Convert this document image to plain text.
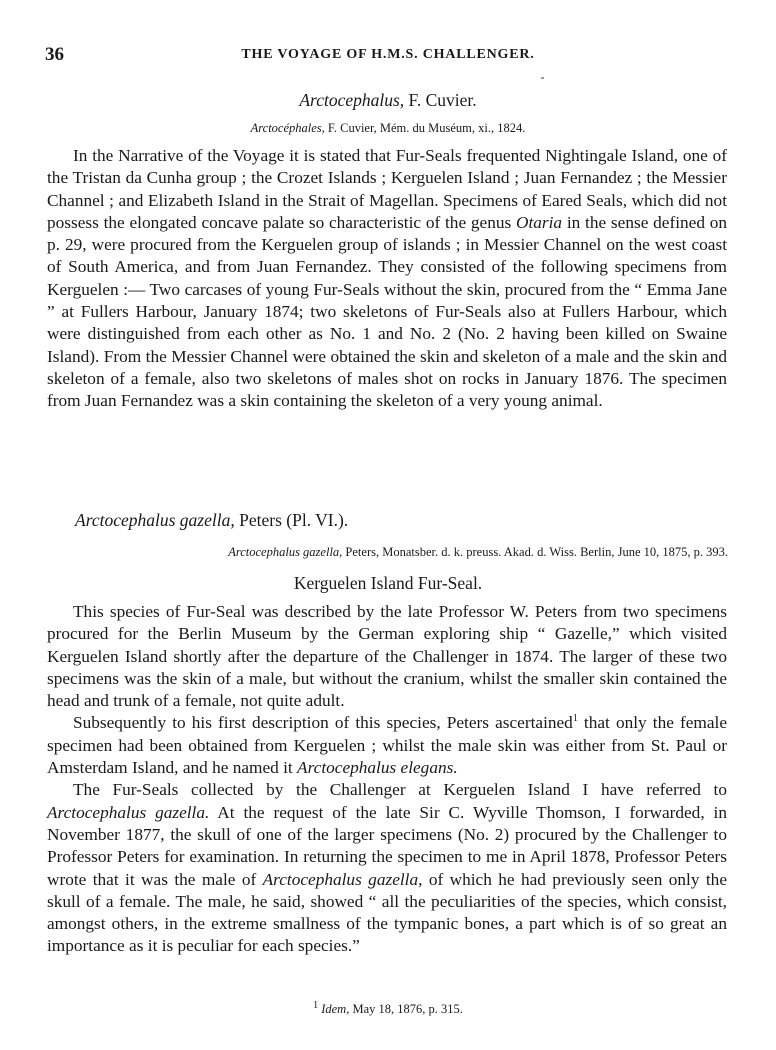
36	THE VOYAGE OF H.M.S. CHALLENGER.
Arctocephalus, F. Cuvier.
Arctocéphales, F. Cuvier, Mém. du Muséum, xi., 1824.

In the Narrative of the Voyage it is stated that Fur-Seals frequented Nightingale Island, one of the Tristan da Cunha group ; the Crozet Islands ; Kerguelen Island ; Juan Fernandez ; the Messier Channel ; and Elizabeth Island in the Strait of Magellan. Specimens of Eared Seals, which did not possess the elongated concave palate so characteristic of the genus Otaria in the sense defined on p. 29, were procured from the Kerguelen group of islands ; in Messier Channel on the west coast of South America, and from Juan Fernandez. They consisted of the following specimens from Kerguelen :— Two carcases of young Fur-Seals without the skin, procured from the “ Emma Jane ” at Fullers Harbour, January 1874; two skeletons of Fur-Seals also at Fullers Harbour, which were distinguished from each other as No. 1 and No. 2 (No. 2 having been killed on Swaine Island). From the Messier Channel were obtained the skin and skeleton of a male and the skin and skeleton of a female, also two skeletons of males shot on rocks in January 1876. The specimen from Juan Fernandez was a skin containing the skeleton of a very young animal.

Arctocephalus gazella, Peters (Pl. VI.).
Arctocephalus gazella, Peters, Monatsber. d. k. preuss. Akad. d. Wiss. Berlin, June 10, 1875, p. 393.
Kerguelen Island Fur-Seal.

This species of Fur-Seal was described by the late Professor W. Peters from two specimens procured for the Berlin Museum by the German exploring ship “ Gazelle,” which visited Kerguelen Island shortly after the departure of the Challenger in 1874. The larger of these two specimens was the skin of a male, but without the cranium, whilst the smaller skin contained the head and trunk of a female, not quite adult.

Subsequently to his first description of this species, Peters ascertained$^1$ that only the female specimen had been obtained from Kerguelen ; whilst the male skin was either from St. Paul or Amsterdam Island, and he named it Arctocephalus elegans.

The Fur-Seals collected by the Challenger at Kerguelen Island I have referred to Arctocephalus gazella. At the request of the late Sir C. Wyville Thomson, I forwarded, in November 1877, the skull of one of the larger specimens (No. 2) procured by the Challenger to Professor Peters for examination. In returning the specimen to me in April 1878, Professor Peters wrote that it was the male of Arctocephalus gazella, of which he had previously seen only the skull of a female. The male, he said, showed “ all the peculiarities of the species, which consist, amongst others, in the extreme smallness of the tympanic bones, a part which is of so great an importance as it is peculiar for each species.”

$^1$ Idem, May 18, 1876, p. 315.
